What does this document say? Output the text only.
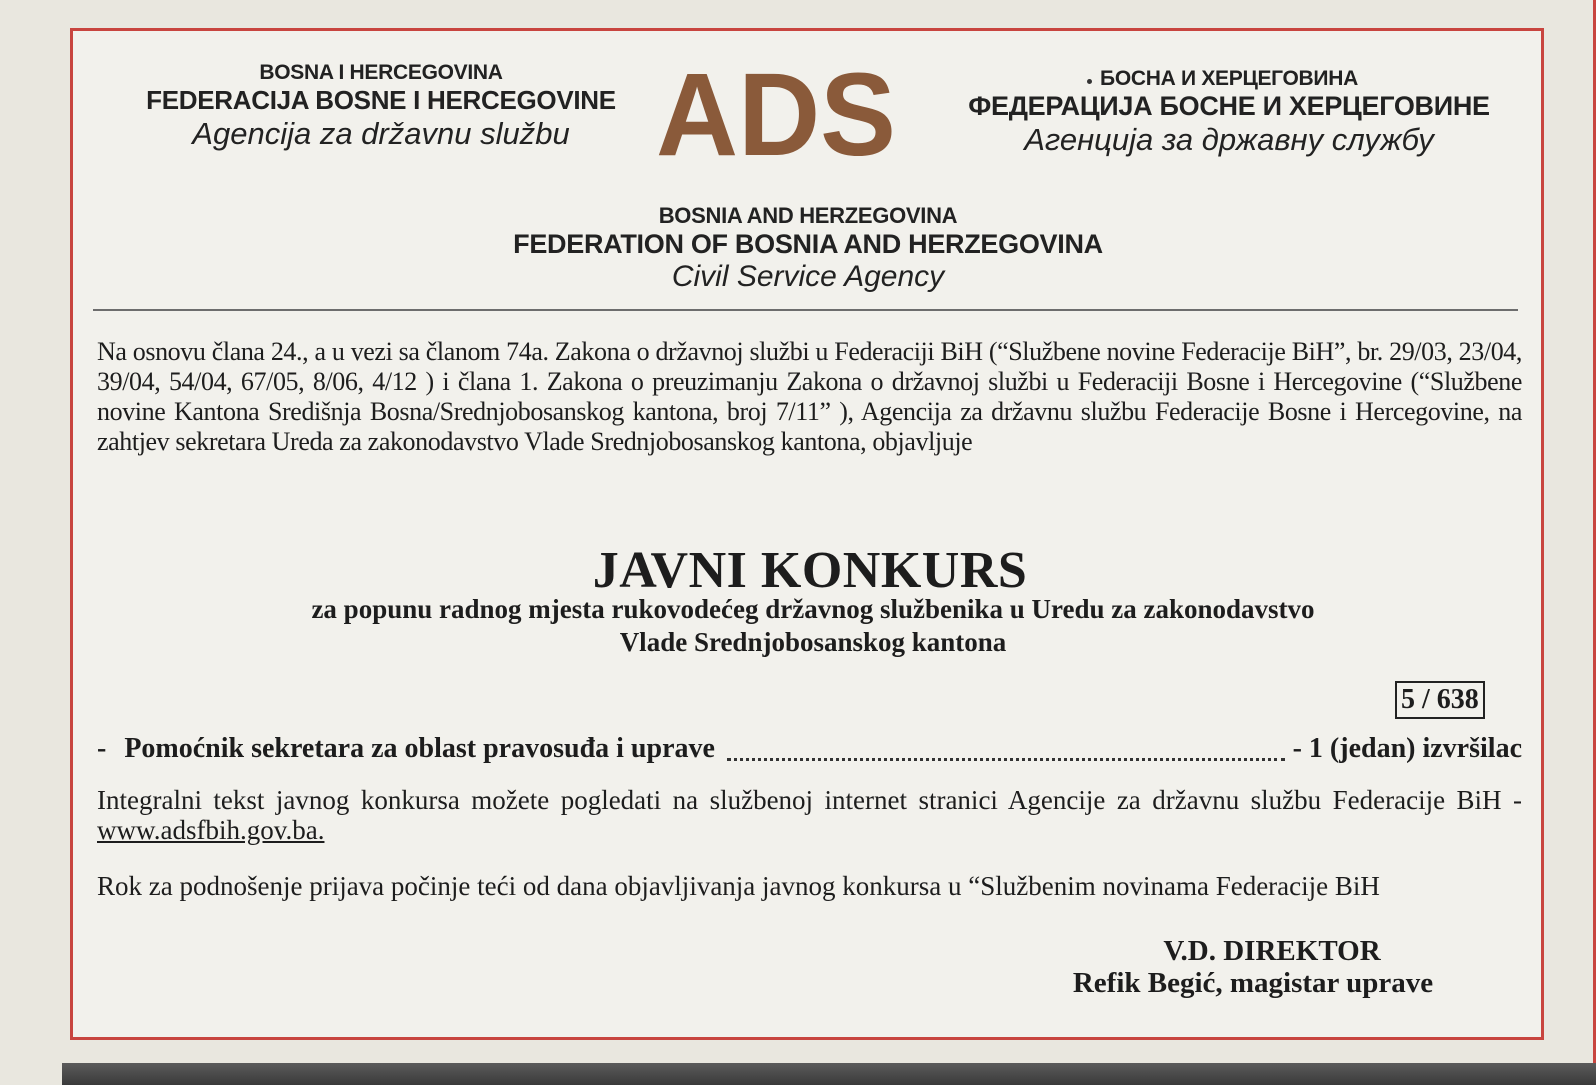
BOSNA I HERCEGOVINA
FEDERACIJA BOSNE I HERCEGOVINE
Agencija za državnu službu ADS	БОСНА И ХЕРЦЕГОВИНА
ФЕДЕРАЦИЈА БОСНЕ И ХЕРЦЕГОВИНЕ
Агенција за државну службу
BOSNIA AND HERZEGOVINA
FEDERATION OF BOSNIA AND HERZEGOVINA
Civil Service Agency
Na osnovu člana 24., a u vezi sa članom 74a. Zakona o državnoj službi u Federaciji BiH (“Službene novine Federacije BiH”, br. 29/03, 23/04, 39/04, 54/04, 67/05, 8/06, 4/12 ) i člana 1. Zakona o preuzimanju Zakona o državnoj službi u Federaciji Bosne i Hercegovine (“Službene novine Kantona Središnja Bosna/Srednjobosanskog kantona, broj 7/11” ), Agencija za državnu službu Federacije Bosne i Hercegovine, na zahtjev sekretara Ureda za zakonodavstvo Vlade Srednjobosanskog kantona, objavljuje
JAVNI KONKURS
za popunu radnog mjesta rukovodećeg državnog službenika u Uredu za zakonodavstvo
Vlade Srednjobosanskog kantona
5 / 638
- Pomoćnik sekretara za oblast pravosuđa i uprave	- 1 (jedan) izvršilac
Integralni tekst javnog konkursa možete pogledati na službenoj internet stranici Agencije za državnu službu Federacije BiH - www.adsfbih.gov.ba.
Rok za podnošenje prijava počinje teći od dana objavljivanja javnog konkursa u “Službenim novinama Federacije BiH
V.D. DIREKTOR
Refik Begić, magistar uprave
